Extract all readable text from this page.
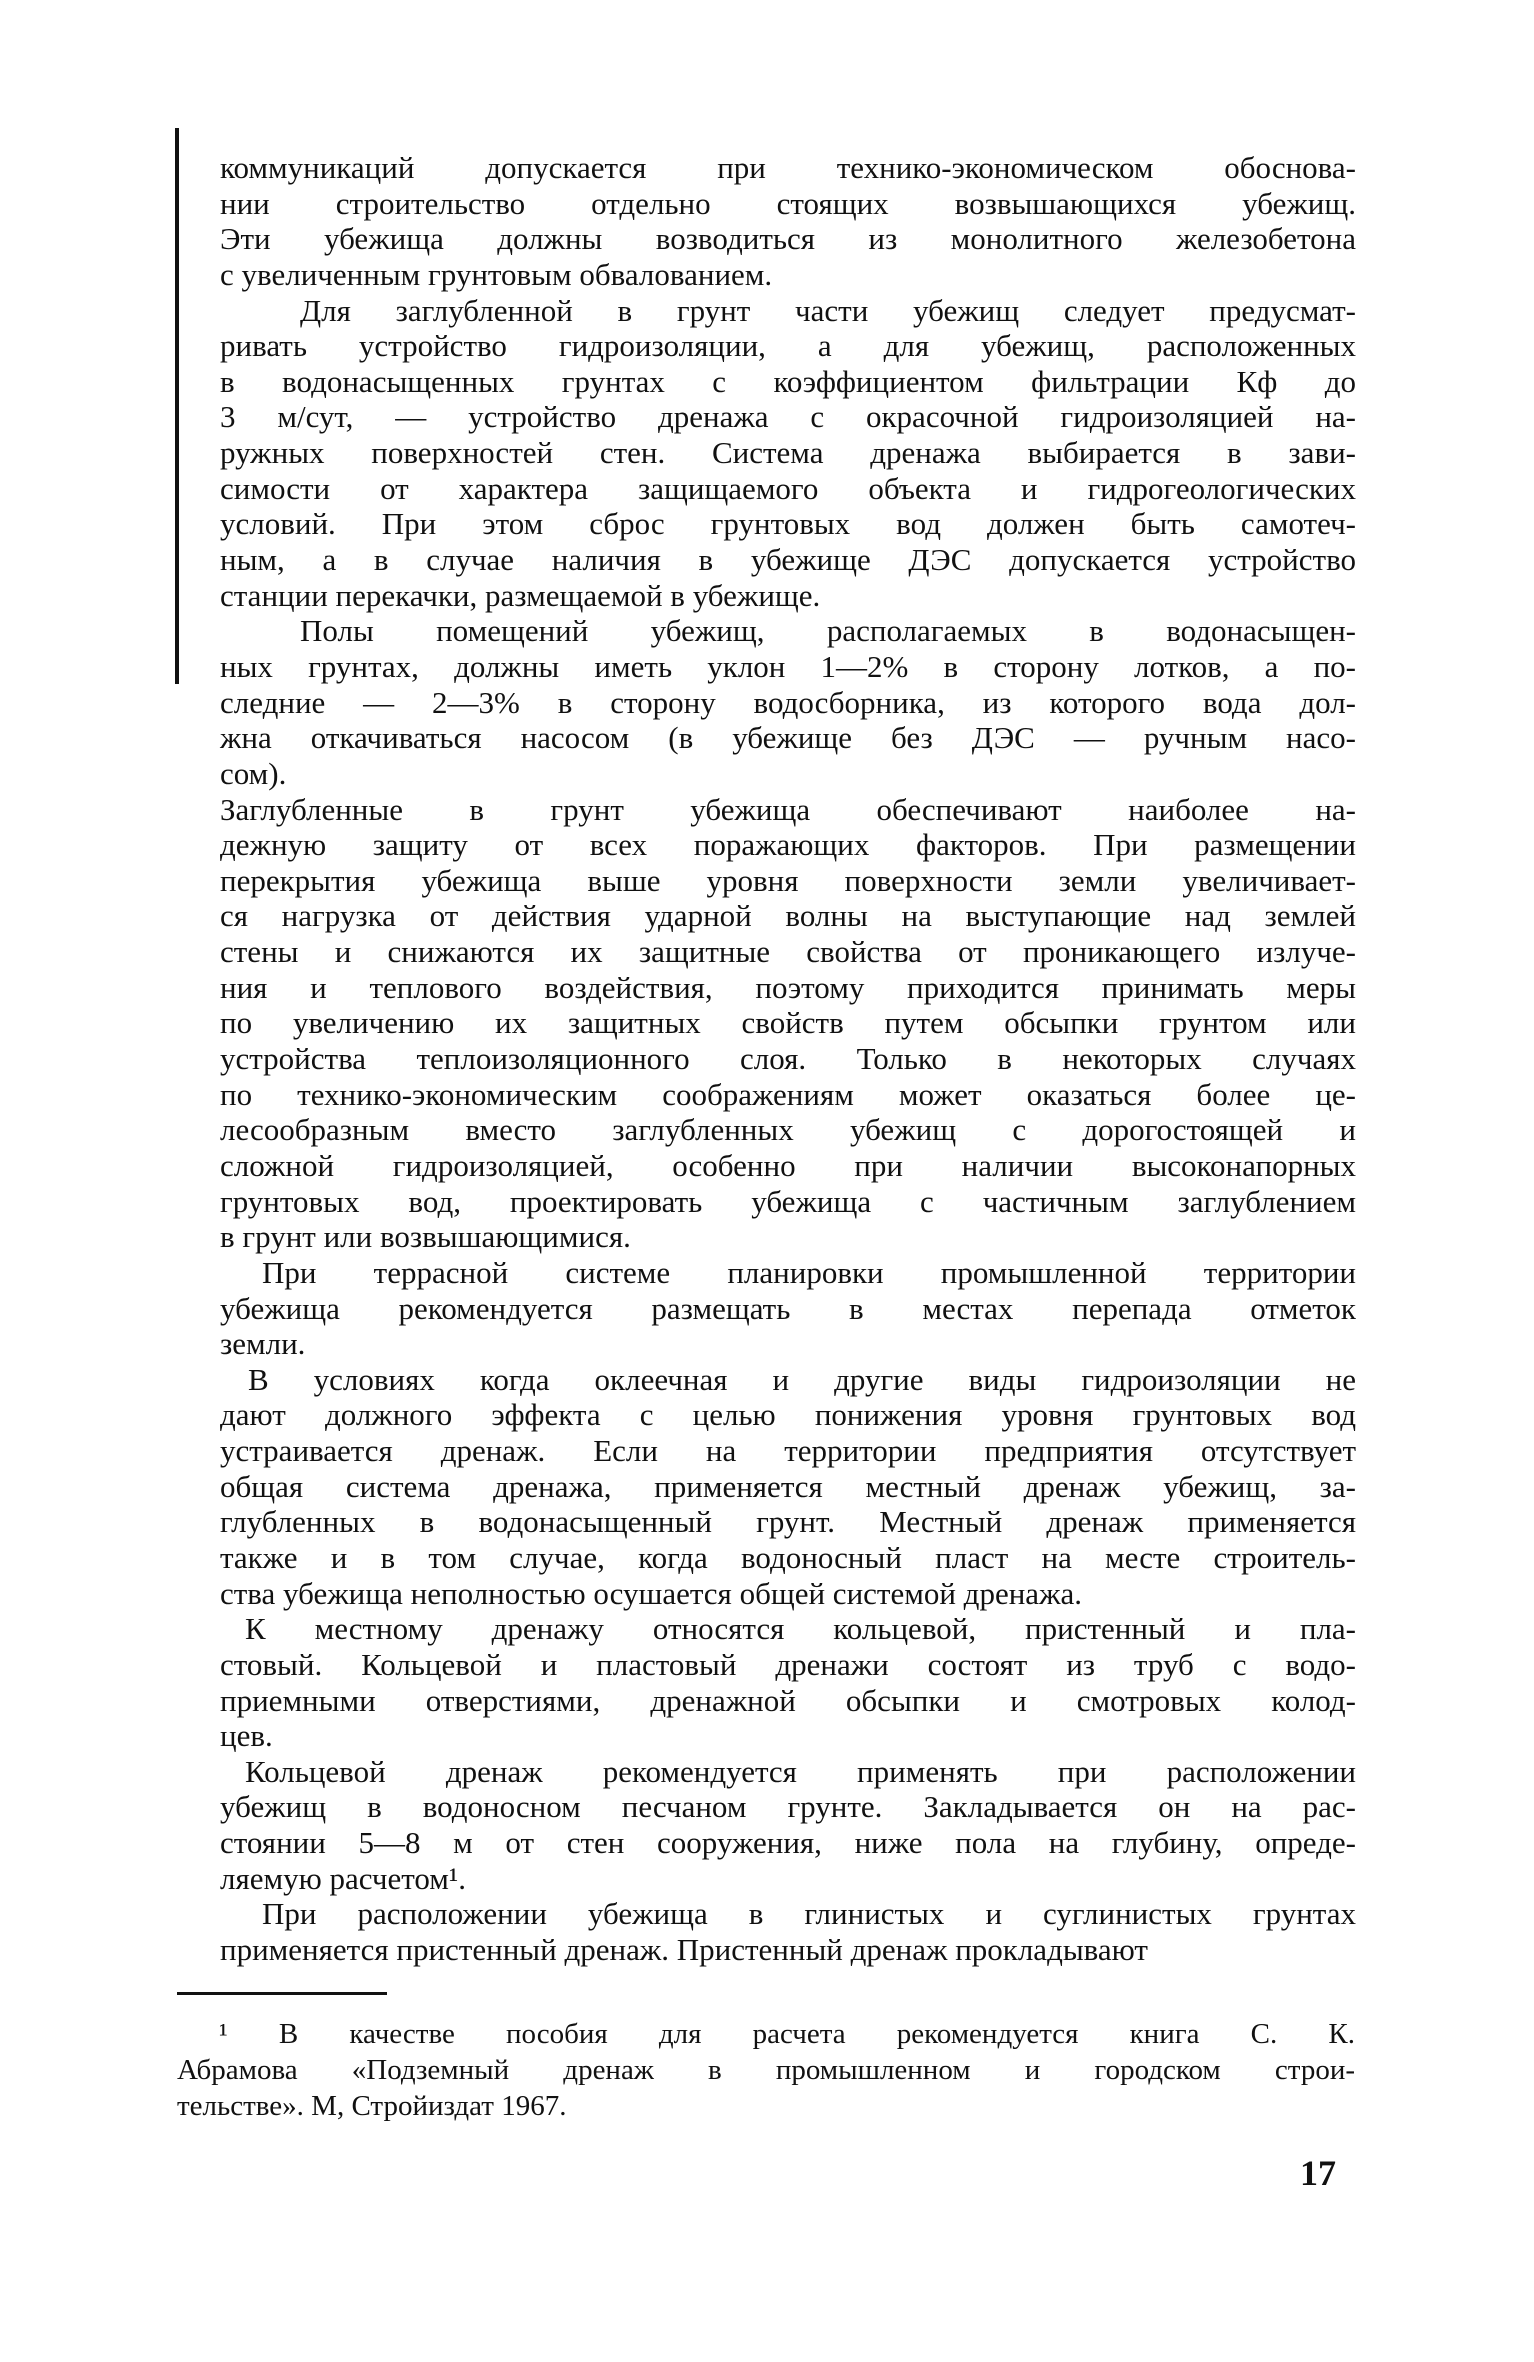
коммуникаций допускается при технико-экономическом обоснова-
нии строительство отдельно стоящих возвышающихся убежищ.
Эти убежища должны возводиться из монолитного железобетона
с увеличенным грунтовым обвалованием.
Для заглубленной в грунт части убежищ следует предусмат-
ривать устройство гидроизоляции, а для убежищ, расположенных
в водонасыщенных грунтах с коэффициентом фильтрации Кф до
3 м/сут, — устройство дренажа с окрасочной гидроизоляцией на-
ружных поверхностей стен. Система дренажа выбирается в зави-
симости от характера защищаемого объекта и гидрогеологических
условий. При этом сброс грунтовых вод должен быть самотеч-
ным, а в случае наличия в убежище ДЭС допускается устройство
станции перекачки, размещаемой в убежище.
Полы помещений убежищ, располагаемых в водонасыщен-
ных грунтах, должны иметь уклон 1—2% в сторону лотков, а по-
следние — 2—3% в сторону водосборника, из которого вода дол-
жна откачиваться насосом (в убежище без ДЭС — ручным насо-
сом).
Заглубленные в грунт убежища обеспечивают наиболее на-
дежную защиту от всех поражающих факторов. При размещении
перекрытия убежища выше уровня поверхности земли увеличивает-
ся нагрузка от действия ударной волны на выступающие над землей
стены и снижаются их защитные свойства от проникающего излуче-
ния и теплового воздействия, поэтому приходится принимать меры
по увеличению их защитных свойств путем обсыпки грунтом или
устройства теплоизоляционного слоя. Только в некоторых случаях
по технико-экономическим соображениям может оказаться более це-
лесообразным вместо заглубленных убежищ с дорогостоящей и
сложной гидроизоляцией, особенно при наличии высоконапорных
грунтовых вод, проектировать убежища с частичным заглублением
в грунт или возвышающимися.
При террасной системе планировки промышленной территории
убежища рекомендуется размещать в местах перепада отметок
земли.
В условиях когда оклеечная и другие виды гидроизоляции не
дают должного эффекта с целью понижения уровня грунтовых вод
устраивается дренаж. Если на территории предприятия отсутствует
общая система дренажа, применяется местный дренаж убежищ, за-
глубленных в водонасыщенный грунт. Местный дренаж применяется
также и в том случае, когда водоносный пласт на месте строитель-
ства убежища неполностью осушается общей системой дренажа.
К местному дренажу относятся кольцевой, пристенный и пла-
стовый. Кольцевой и пластовый дренажи состоят из труб с водо-
приемными отверстиями, дренажной обсыпки и смотровых колод-
цев.
Кольцевой дренаж рекомендуется применять при расположении
убежищ в водоносном песчаном грунте. Закладывается он на рас-
стоянии 5—8 м от стен сооружения, ниже пола на глубину, опреде-
ляемую расчетом¹.
При расположении убежища в глинистых и суглинистых грунтах
применяется пристенный дренаж. Пристенный дренаж прокладывают
¹ В качестве пособия для расчета рекомендуется книга С. К.
Абрамова «Подземный дренаж в промышленном и городском строи-
тельстве». М, Стройиздат 1967.
17
